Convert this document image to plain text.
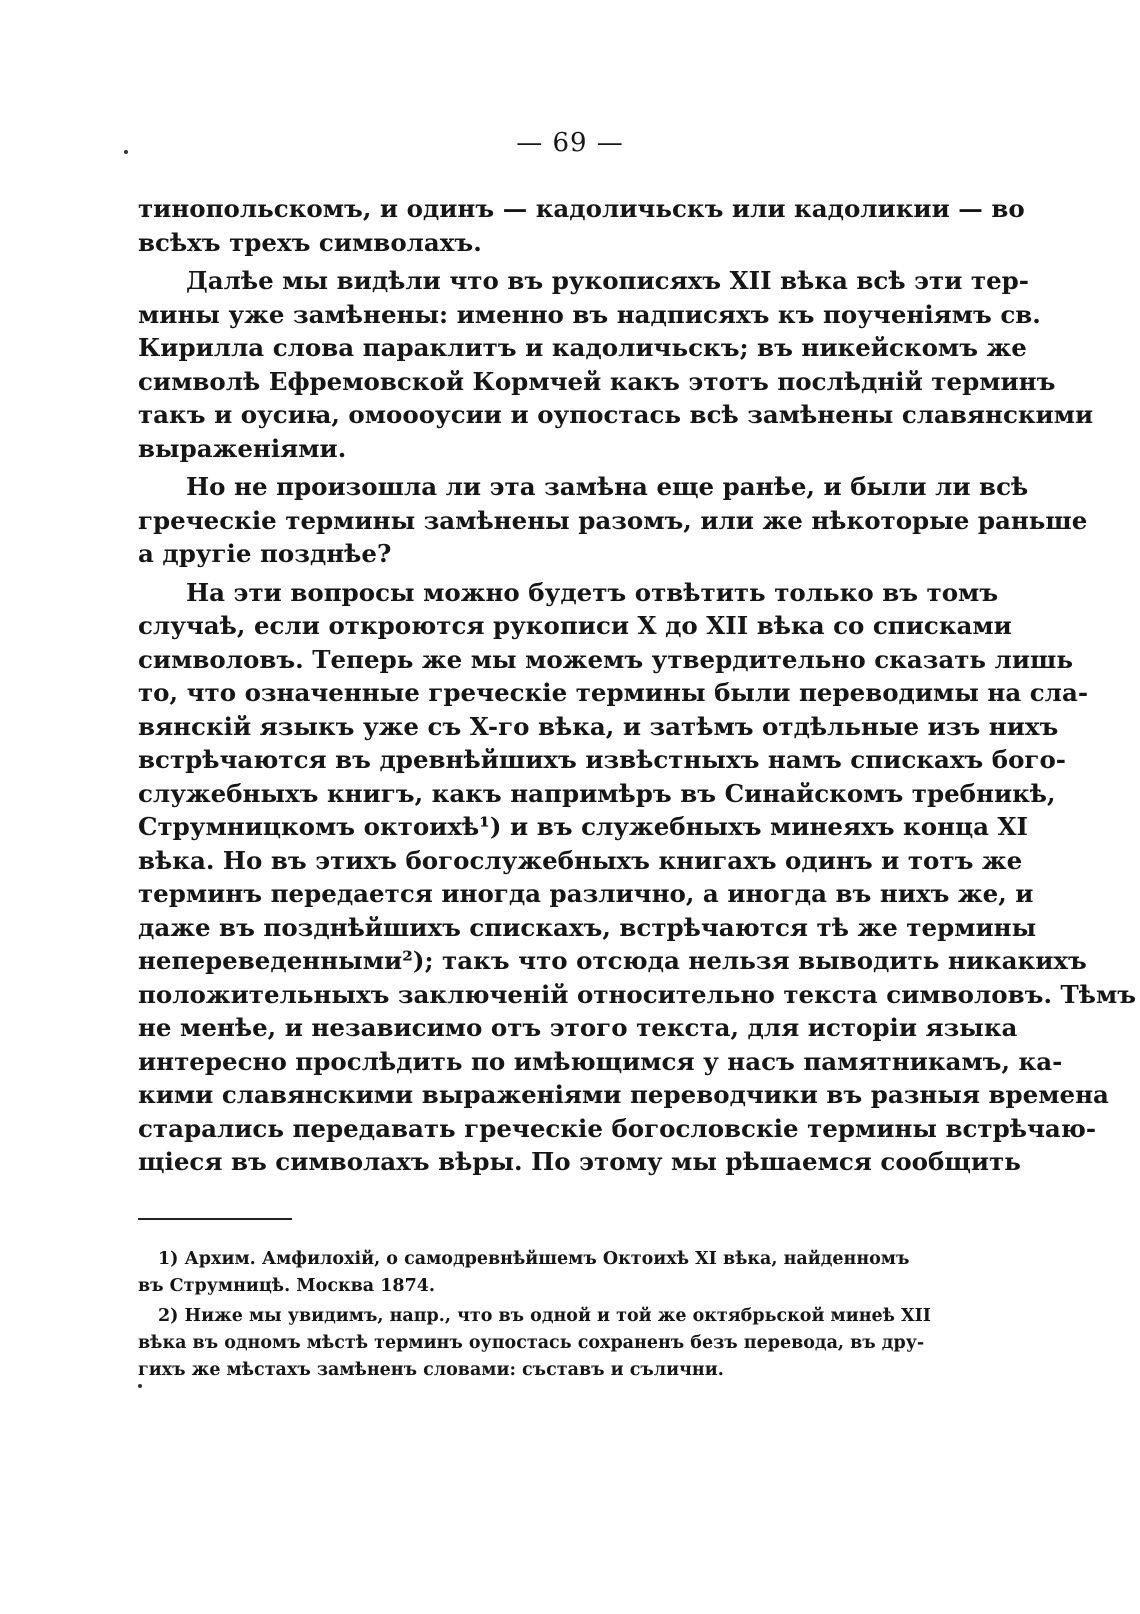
— 69 —
тинопольскомъ, и одинъ — кадоличьскъ или кадоликии — во
всѣхъ трехъ символахъ.
Далѣе мы видѣли что въ рукописяхъ XII вѣка всѣ эти тер-
мины уже замѣнены: именно въ надписяхъ къ поученіямъ св.
Кирилла слова параклитъ и кадоличьскъ; въ никейскомъ же
символѣ Ефремовской Кормчей какъ этотъ послѣдній терминъ
такъ и оусиꙗ, омоооусии и оупостась всѣ замѣнены славянскими
выраженіями.
Но не произошла ли эта замѣна еще ранѣе, и были ли всѣ
греческіе термины замѣнены разомъ, или же нѣкоторые раньше
а другіе позднѣе?
На эти вопросы можно будетъ отвѣтить только въ томъ
случаѣ, если откроются рукописи X до XII вѣка со списками
символовъ. Теперь же мы можемъ утвердительно сказать лишь
то, что означенные греческіе термины были переводимы на сла-
вянскій языкъ уже съ X-го вѣка, и затѣмъ отдѣльные изъ нихъ
встрѣчаются въ древнѣйшихъ извѣстныхъ намъ спискахъ бого-
служебныхъ книгъ, какъ напримѣръ въ Синайскомъ требникѣ,
Струмницкомъ октоихѣ¹) и въ служебныхъ минеяхъ конца XI
вѣка. Но въ этихъ богослужебныхъ книгахъ одинъ и тотъ же
терминъ передается иногда различно, а иногда въ нихъ же, и
даже въ позднѣйшихъ спискахъ, встрѣчаются тѣ же термины
непереведенными²); такъ что отсюда нельзя выводить никакихъ
положительныхъ заключеній относительно текста символовъ. Тѣмъ
не менѣе, и независимо отъ этого текста, для исторіи языка
интересно прослѣдить по имѣющимся у насъ памятникамъ, ка-
кими славянскими выраженіями переводчики въ разныя времена
старались передавать греческіе богословскіе термины встрѣчаю-
щіеся въ символахъ вѣры. По этому мы рѣшаемся сообщить
1) Архим. Амфилохій, о самодревнѣйшемъ Октоихѣ XI вѣка, найденномъ
въ Струмницѣ. Москва 1874.
2) Ниже мы увидимъ, напр., что въ одной и той же октябрьской минеѣ XII
вѣка въ одномъ мѣстѣ терминъ оупостась сохраненъ безъ перевода, въ дру-
гихъ же мѣстахъ замѣненъ словами: съставъ и сълични.
